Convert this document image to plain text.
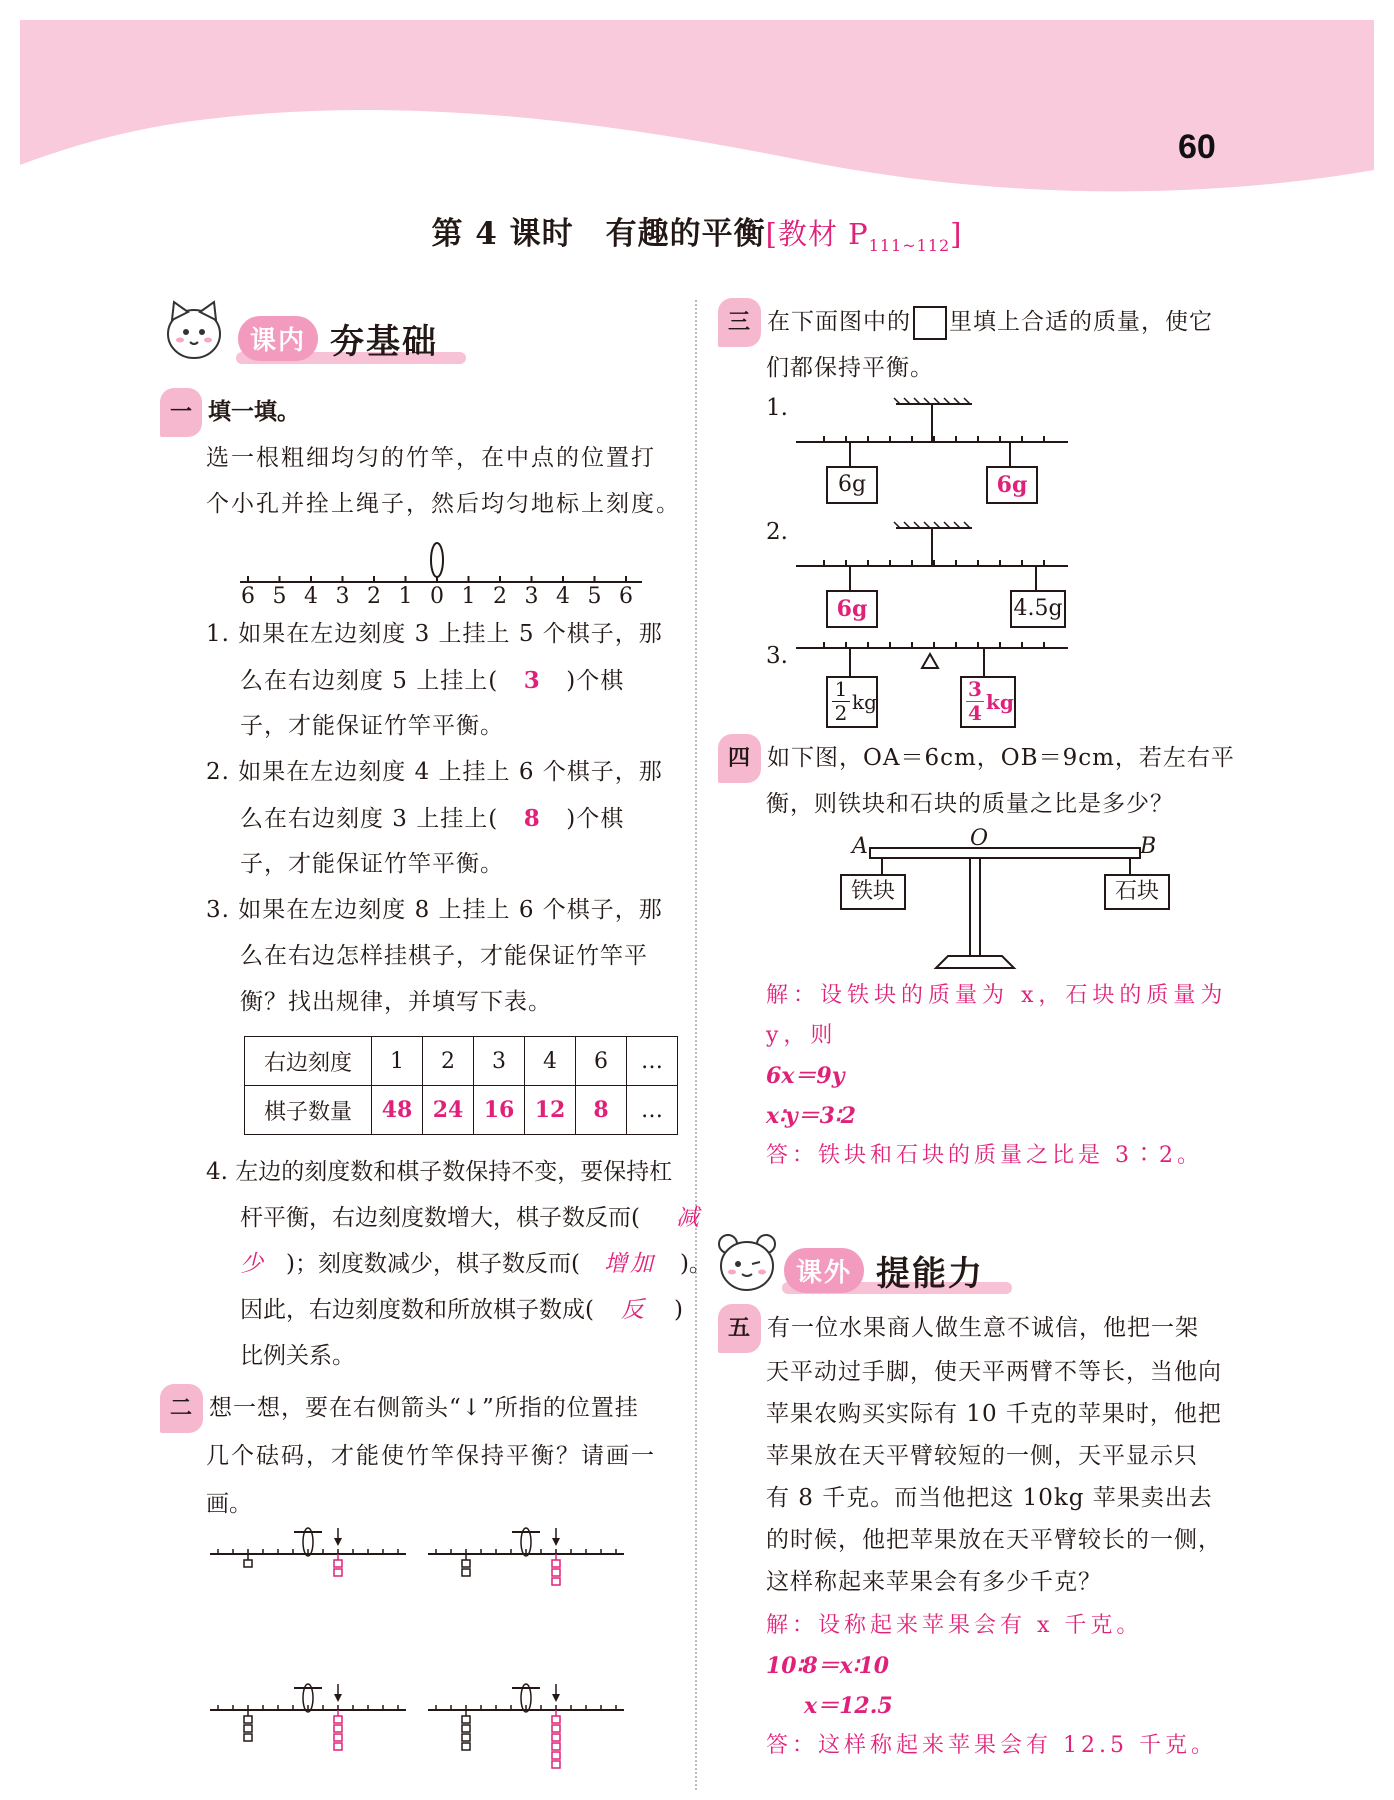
60
第 4 课时　有趣的平衡[教材 $P_{111\sim 112}$]
课内 夯基础
一 填一填。
选一根粗细均匀的竹竿，在中点的位置打
个小孔并拴上绳子，然后均匀地标上刻度。
6 5 4 3 2 1 0 1 2 3 4 5 6
1. 如果在左边刻度 3 上挂上 5 个棋子，那
么在右边刻度 5 上挂上( 3 )个棋
子，才能保证竹竿平衡。
2. 如果在左边刻度 4 上挂上 6 个棋子，那
么在右边刻度 3 上挂上( 8 )个棋
子，才能保证竹竿平衡。
3. 如果在左边刻度 8 上挂上 6 个棋子，那
么在右边怎样挂棋子，才能保证竹竿平
衡？找出规律，并填写下表。
右边刻度	1	2	3	4	6	…
棋子数量	48	24	16	12	8	…
4. 左边的刻度数和棋子数保持不变，要保持杠
杆平衡，右边刻度数增大，棋子数反而( 减
少 )；刻度数减少，棋子数反而( 增加 )。
因此，右边刻度数和所放棋子数成( 反 )
比例关系。
二 想一想，要在右侧箭头“↓”所指的位置挂
几个砝码，才能使竹竿保持平衡？请画一
画。
三 在下面图中的 里填上合适的质量，使它
们都保持平衡。
1.
6g	6g
2.
6g	4.5g
3.
$\frac{1}{2}$ kg	$\frac{3}{4}$ kg
四 如下图，OA＝6cm，OB＝9cm，若左右平
衡，则铁块和石块的质量之比是多少？
A	O	B
铁块	石块
解：设铁块的质量为 x，石块的质量为
y，则
6x＝9y
x∶y＝3∶2
答：铁块和石块的质量之比是 3∶2。
课外 提能力
五 有一位水果商人做生意不诚信，他把一架
天平动过手脚，使天平两臂不等长，当他向
苹果农购买实际有 10 千克的苹果时，他把
苹果放在天平臂较短的一侧，天平显示只
有 8 千克。而当他把这 10kg 苹果卖出去
的时候，他把苹果放在天平臂较长的一侧，
这样称起来苹果会有多少千克？
解：设称起来苹果会有 x 千克。
10∶8＝x∶10
x＝12.5
答：这样称起来苹果会有 12.5 千克。
